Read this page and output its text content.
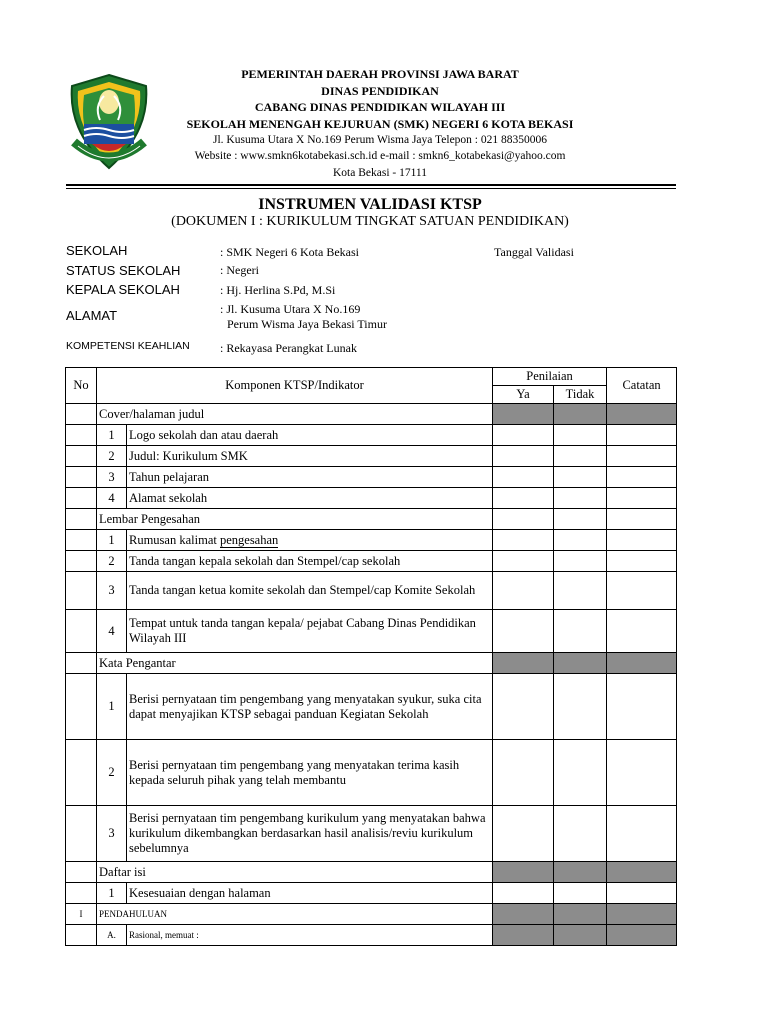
PEMERINTAH DAERAH PROVINSI JAWA BARAT
DINAS PENDIDIKAN
CABANG DINAS PENDIDIKAN WILAYAH III
SEKOLAH MENENGAH KEJURUAN (SMK) NEGERI 6 KOTA BEKASI
Jl. Kusuma Utara X No.169 Perum Wisma Jaya Telepon : 021 88350006
Website : www.smkn6kotabekasi.sch.id e-mail : smkn6_kotabekasi@yahoo.com
Kota Bekasi - 17111
INSTRUMEN VALIDASI KTSP
(DOKUMEN I : KURIKULUM TINGKAT SATUAN PENDIDIKAN)
SEKOLAH	: SMK Negeri 6 Kota Bekasi	Tanggal Validasi
STATUS SEKOLAH	: Negeri
KEPALA SEKOLAH	: Hj. Herlina S.Pd, M.Si
ALAMAT	: Jl. Kusuma Utara X No.169
Perum Wisma Jaya Bekasi Timur
KOMPETENSI KEAHLIAN	: Rekayasa Perangkat Lunak
No	Komponen KTSP/Indikator		Penilaian		Catatan
			Ya	Tidak	
	Cover/halaman judul				
	1	Logo sekolah dan atau daerah			
	2	Judul: Kurikulum SMK			
	3	Tahun pelajaran			
	4	Alamat sekolah			
	Lembar Pengesahan				
	1	Rumusan kalimat pengesahan			
	2	Tanda tangan kepala sekolah dan Stempel/cap sekolah			
	3	Tanda tangan ketua komite sekolah dan Stempel/cap Komite Sekolah			
	4	Tempat untuk tanda tangan kepala/ pejabat Cabang Dinas Pendidikan Wilayah III			
	Kata Pengantar				
	1	Berisi pernyataan tim pengembang yang menyatakan syukur, suka cita dapat menyajikan KTSP sebagai panduan Kegiatan Sekolah			
	2	Berisi pernyataan tim pengembang yang menyatakan terima kasih kepada seluruh pihak yang telah membantu			
	3	Berisi pernyataan tim pengembang kurikulum yang menyatakan bahwa kurikulum dikembangkan berdasarkan hasil analisis/reviu kurikulum sebelumnya			
	Daftar isi				
	1	Kesesuaian dengan halaman			
I	PENDAHULUAN				
	A.	Rasional, memuat :			
